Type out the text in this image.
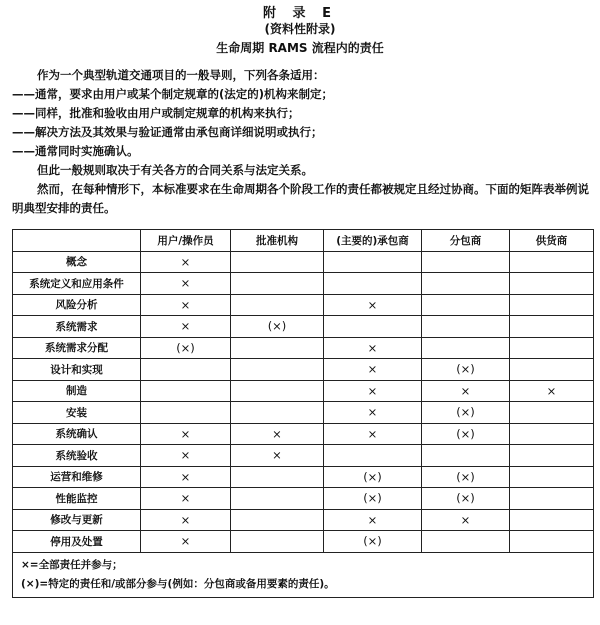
附 录 E
(资料性附录)
生命周期 RAMS 流程内的责任

作为一个典型轨道交通项目的一般导则，下列各条适用：

——通常，要求由用户或某个制定规章的(法定的)机构来制定；

——同样，批准和验收由用户或制定规章的机构来执行；

——解决方法及其效果与验证通常由承包商详细说明或执行；

——通常同时实施确认。

但此一般规则取决于有关各方的合同关系与法定关系。

然而，在每种情形下，本标准要求在生命周期各个阶段工作的责任都被规定且经过协商。下面的矩阵表举例说明典型安排的责任。

	用户/操作员	批准机构	(主要的)承包商	分包商	供货商
概念	×				
系统定义和应用条件	×				
风险分析	×		×		
系统需求	×	(×)			
系统需求分配	(×)		×		
设计和实现			×	(×)	
制造			×	×	×
安装			×	(×)	
系统确认	×	×	×	(×)	
系统验收	×	×			
运营和维修	×		(×)	(×)	
性能监控	×		(×)	(×)	
修改与更新	×		×	×	
停用及处置	×		(×)		

×=全部责任并参与；

(×)=特定的责任和/或部分参与(例如：分包商或备用要素的责任)。					
